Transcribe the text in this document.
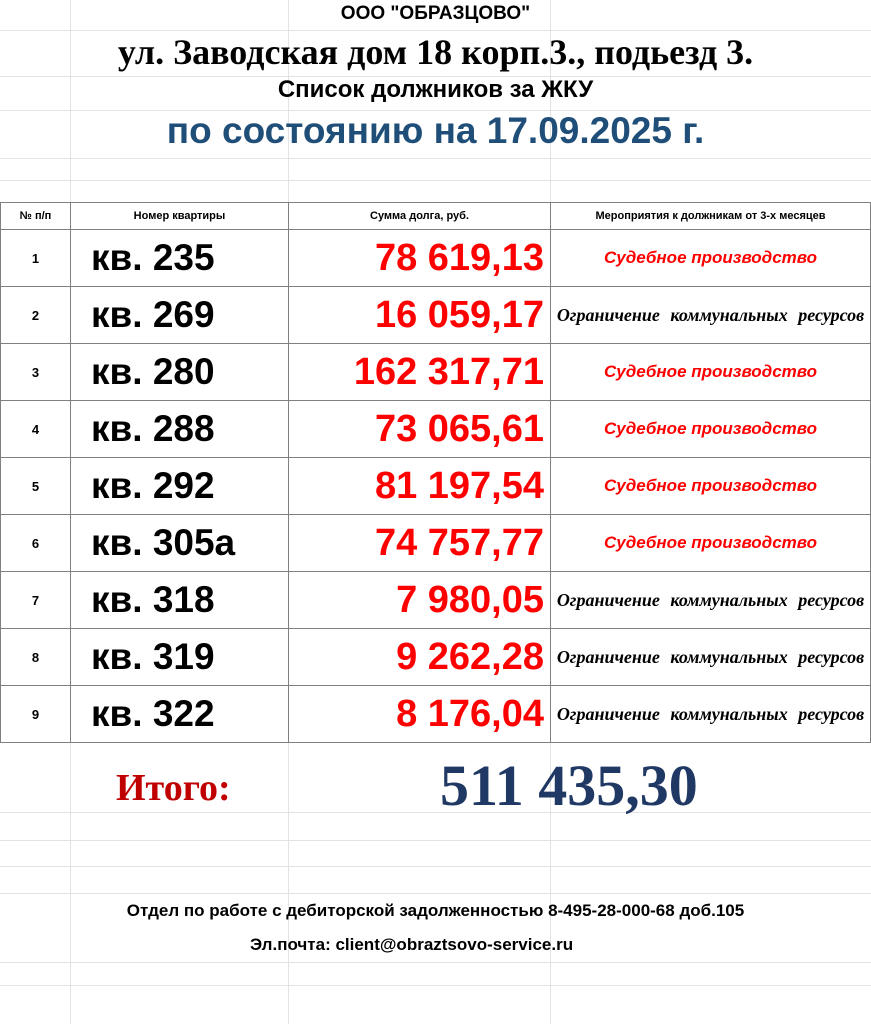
ООО "ОБРАЗЦОВО"
ул. Заводская дом 18 корп.3., подьезд 3.
Список должников за ЖКУ
по состоянию на 17.09.2025 г.
№ п/п	Номер квартиры	Сумма долга, руб.	Мероприятия к должникам от 3-х месяцев
1	кв. 235	78 619,13	Судебное производство
2	кв. 269	16 059,17	Ограничение коммунальных ресурсов

3	кв. 280	162 317,71	Судебное производство
4	кв. 288	73 065,61	Судебное производство
5	кв. 292	81 197,54	Судебное производство
6	кв. 305а	74 757,77	Судебное производство
7	кв. 318	7 980,05	Ограничение коммунальных ресурсов

8	кв. 319	9 262,28	Ограничение коммунальных ресурсов

9	кв. 322	8 176,04	Ограничение коммунальных ресурсов
Итого:	511 435,30
Отдел по работе с дебиторской задолженностью 8-495-28-000-68 доб.105
Эл.почта: client@obraztsovo-service.ru
